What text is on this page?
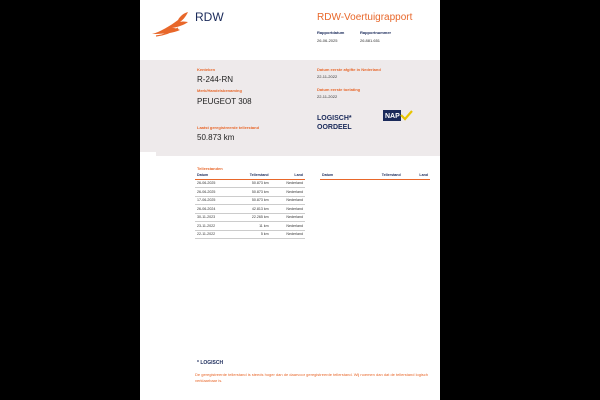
RDW	RDW-Voertuigrapport
Rapportdatum
26-06-2025
Rapportnummer
26.881.651
Kenteken
R-244-RN
Merk/Handelsbenaming
PEUGEOT 308
Datum eerste afgifte in Nederland
22-11-2022
Datum eerste toelating
22-11-2022
Laatst geregistreerde tellerstand
50.873 km
LOGISCH*
OORDEEL
NAP
Tellerstanden
Datum	Tellerstand	Land
26-06-2025	50.873 km	Nederland
26-06-2025	50.873 km	Nederland
17-06-2025	50.873 km	Nederland
26-06-2024	42.813 km	Nederland
30-11-2023	22.265 km	Nederland
23-11-2022	11 km	Nederland
22-11-2022	5 km	Nederland
Datum	Tellerstand	Land
* LOGISCH
De geregistreerde tellerstand is steeds hoger dan de daarvoor geregistreerde tellerstand. Wij noemen dan dat de tellerstand logisch verklaarbaar is.
